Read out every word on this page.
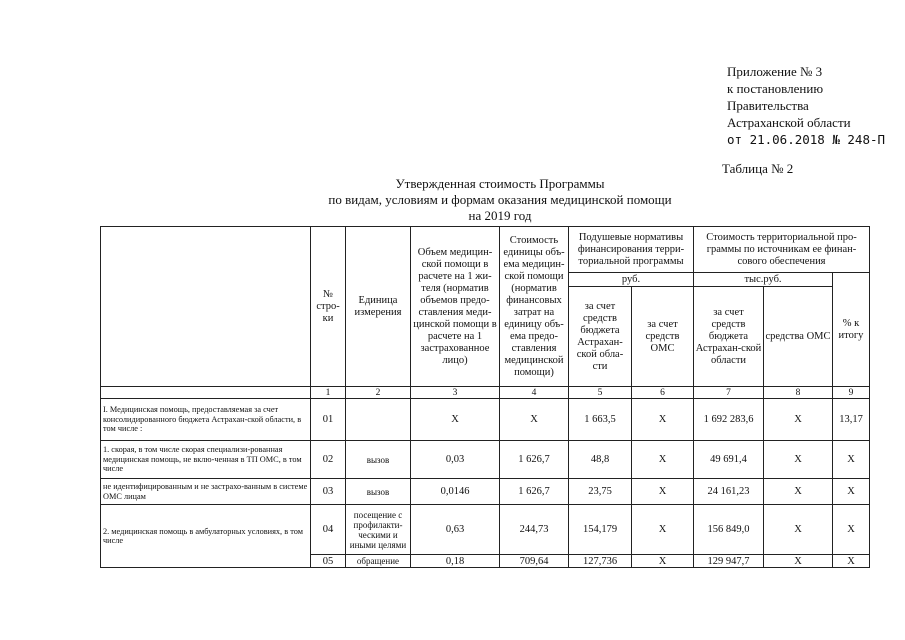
Приложение № 3
к постановлению
Правительства
Астраханской области
от 21.06.2018 № 248-П
Таблица № 2
Утвержденная стоимость Программы
по видам, условиям и формам оказания медицинской помощи
на 2019 год
	№ стро-ки	Единица измерения	Объем медицин-ской помощи в расчете на 1 жи-теля (норматив объемов предо-ставления меди-цинской помощи в расчете на 1 застрахованное лицо)	Стоимость единицы объ-ема медицин-ской помощи (норматив финансовых затрат на единицу объ-ема предо-ставления медицинской помощи)	Подушевые нормативы финансирования терри-ториальной программы		Стоимость территориальной про-граммы по источникам ее финан-сового обеспечения		
					руб.		тыс.руб.		% к итогу
					за счет средств бюджета Астрахан-ской обла-сти	за счет средств ОМС	за счет средств бюджета Астрахан-ской области	средства ОМС	
	1	2	3	4	5	6	7	8	9
I. Медицинская помощь, предоставляемая за счет консолидированного бюджета Астрахан-ской области, в том числе :	01		Х	Х	1 663,5	Х	1 692 283,6	Х	13,17
1. скорая, в том числе скорая специализи-рованная медицинская помощь, не вклю-ченная в ТП ОМС, в том числе	02	вызов	0,03	1 626,7	48,8	Х	49 691,4	Х	Х
не идентифицированным и не застрахо-ванным в системе ОМС лицам	03	вызов	0,0146	1 626,7	23,75	Х	24 161,23	Х	Х
2. медицинская помощь в амбулаторных условиях, в том числе	04	посещение с профилакти-ческими и иными целями	0,63	244,73	154,179	Х	156 849,0	Х	Х
	05	обращение	0,18	709,64	127,736	Х	129 947,7	Х	Х
